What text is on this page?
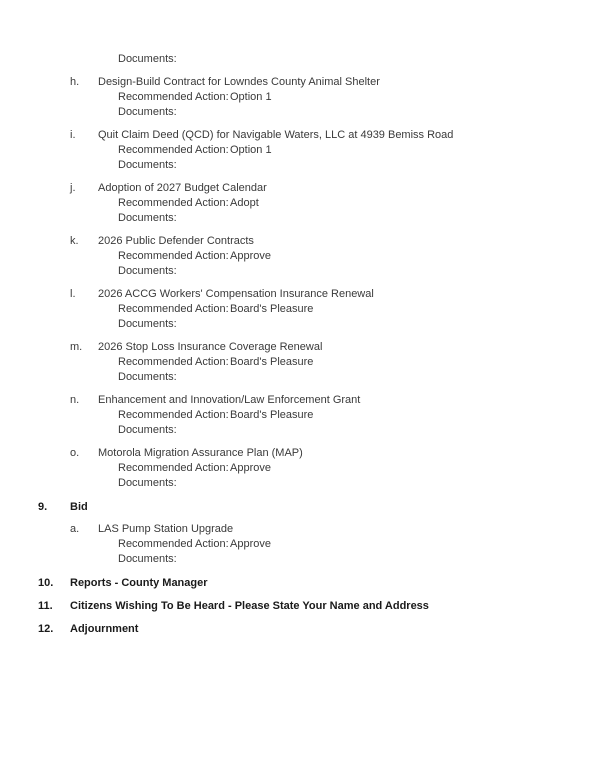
Documents:
h. Design-Build Contract for Lowndes County Animal Shelter
Recommended Action:Option 1
Documents:
i. Quit Claim Deed (QCD) for Navigable Waters, LLC at 4939 Bemiss Road
Recommended Action:Option 1
Documents:
j. Adoption of 2027 Budget Calendar
Recommended Action:Adopt
Documents:
k. 2026 Public Defender Contracts
Recommended Action:Approve
Documents:
l. 2026 ACCG Workers' Compensation Insurance Renewal
Recommended Action:Board's Pleasure
Documents:
m. 2026 Stop Loss Insurance Coverage Renewal
Recommended Action:Board's Pleasure
Documents:
n. Enhancement and Innovation/Law Enforcement Grant
Recommended Action:Board's Pleasure
Documents:
o. Motorola Migration Assurance Plan (MAP)
Recommended Action:Approve
Documents:
9. Bid
a. LAS Pump Station Upgrade
Recommended Action:Approve
Documents:
10. Reports - County Manager
11. Citizens Wishing To Be Heard - Please State Your Name and Address
12. Adjournment
